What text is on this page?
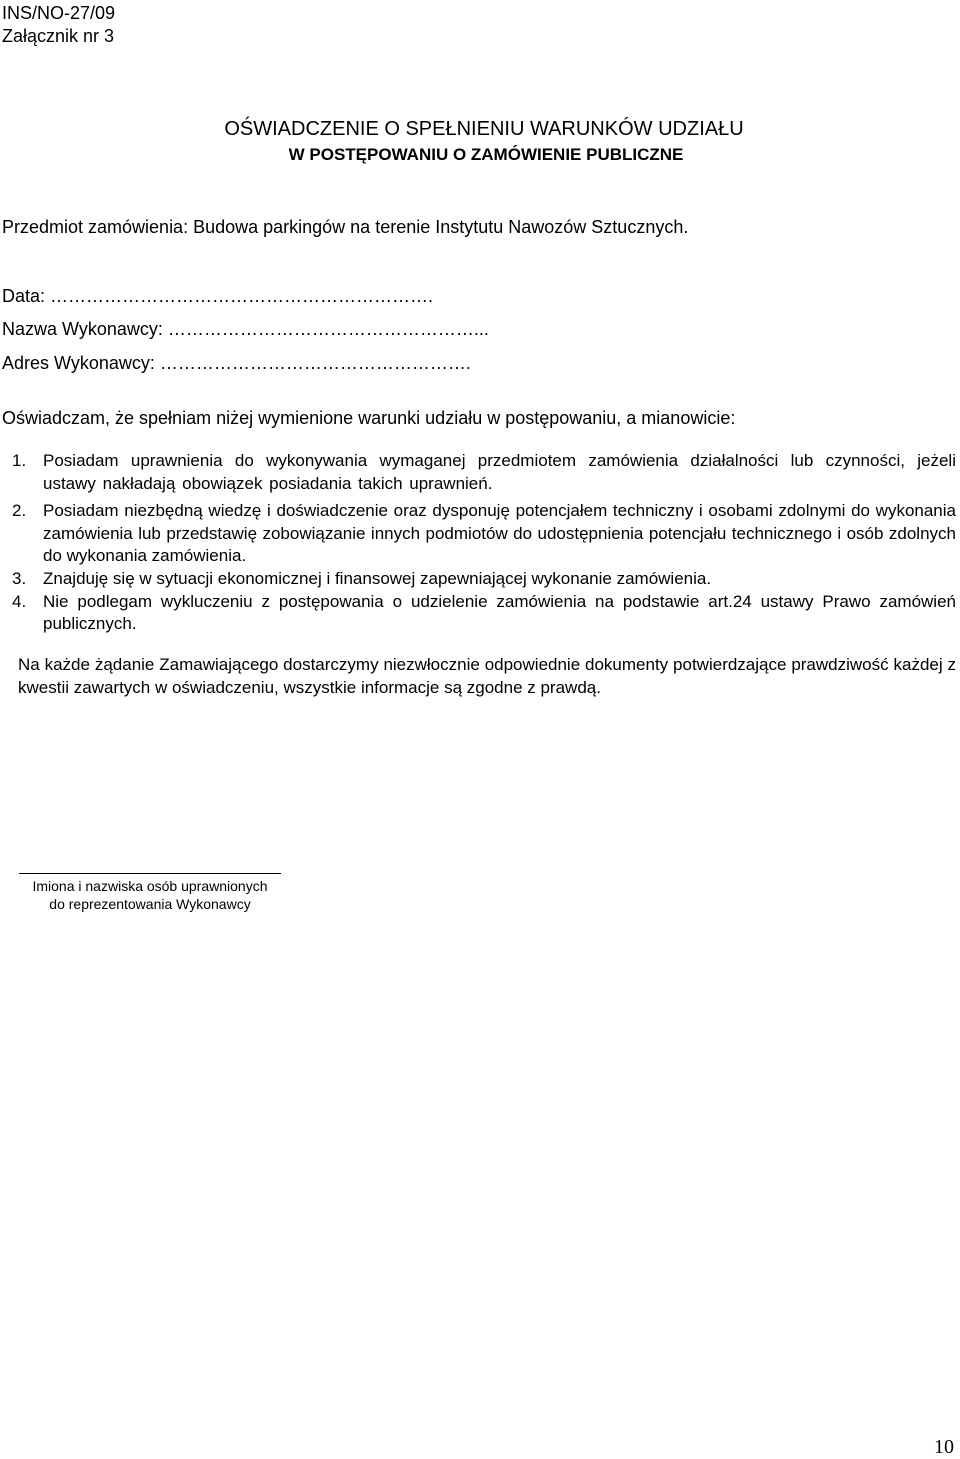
INS/NO-27/09
Załącznik nr 3
OŚWIADCZENIE O SPEŁNIENIU WARUNKÓW UDZIAŁU
W POSTĘPOWANIU O ZAMÓWIENIE PUBLICZNE
Przedmiot zamówienia: Budowa parkingów na terenie Instytutu Nawozów Sztucznych.
Data: ……………………………………………………….
Nazwa Wykonawcy: ……………………………………………...
Adres Wykonawcy: …………………………………………….
Oświadczam, że spełniam niżej wymienione warunki udziału w postępowaniu, a mianowicie:
1. Posiadam uprawnienia do wykonywania wymaganej przedmiotem zamówienia działalności lub czynności, jeżeli ustawy nakładają obowiązek posiadania takich uprawnień.
2. Posiadam niezbędną wiedzę i doświadczenie oraz dysponuję potencjałem techniczny i osobami zdolnymi do wykonania zamówienia lub przedstawię zobowiązanie innych podmiotów do udostępnienia potencjału technicznego i osób zdolnych do wykonania zamówienia.
3. Znajduję się w sytuacji ekonomicznej i finansowej zapewniającej wykonanie zamówienia.
4. Nie podlegam wykluczeniu z postępowania o udzielenie zamówienia na podstawie art.24 ustawy Prawo zamówień publicznych.
Na każde żądanie Zamawiającego dostarczymy niezwłocznie odpowiednie dokumenty potwierdzające prawdziwość każdej z kwestii zawartych w oświadczeniu, wszystkie informacje są zgodne z prawdą.
Imiona i nazwiska osób uprawnionych
do reprezentowania Wykonawcy
10
